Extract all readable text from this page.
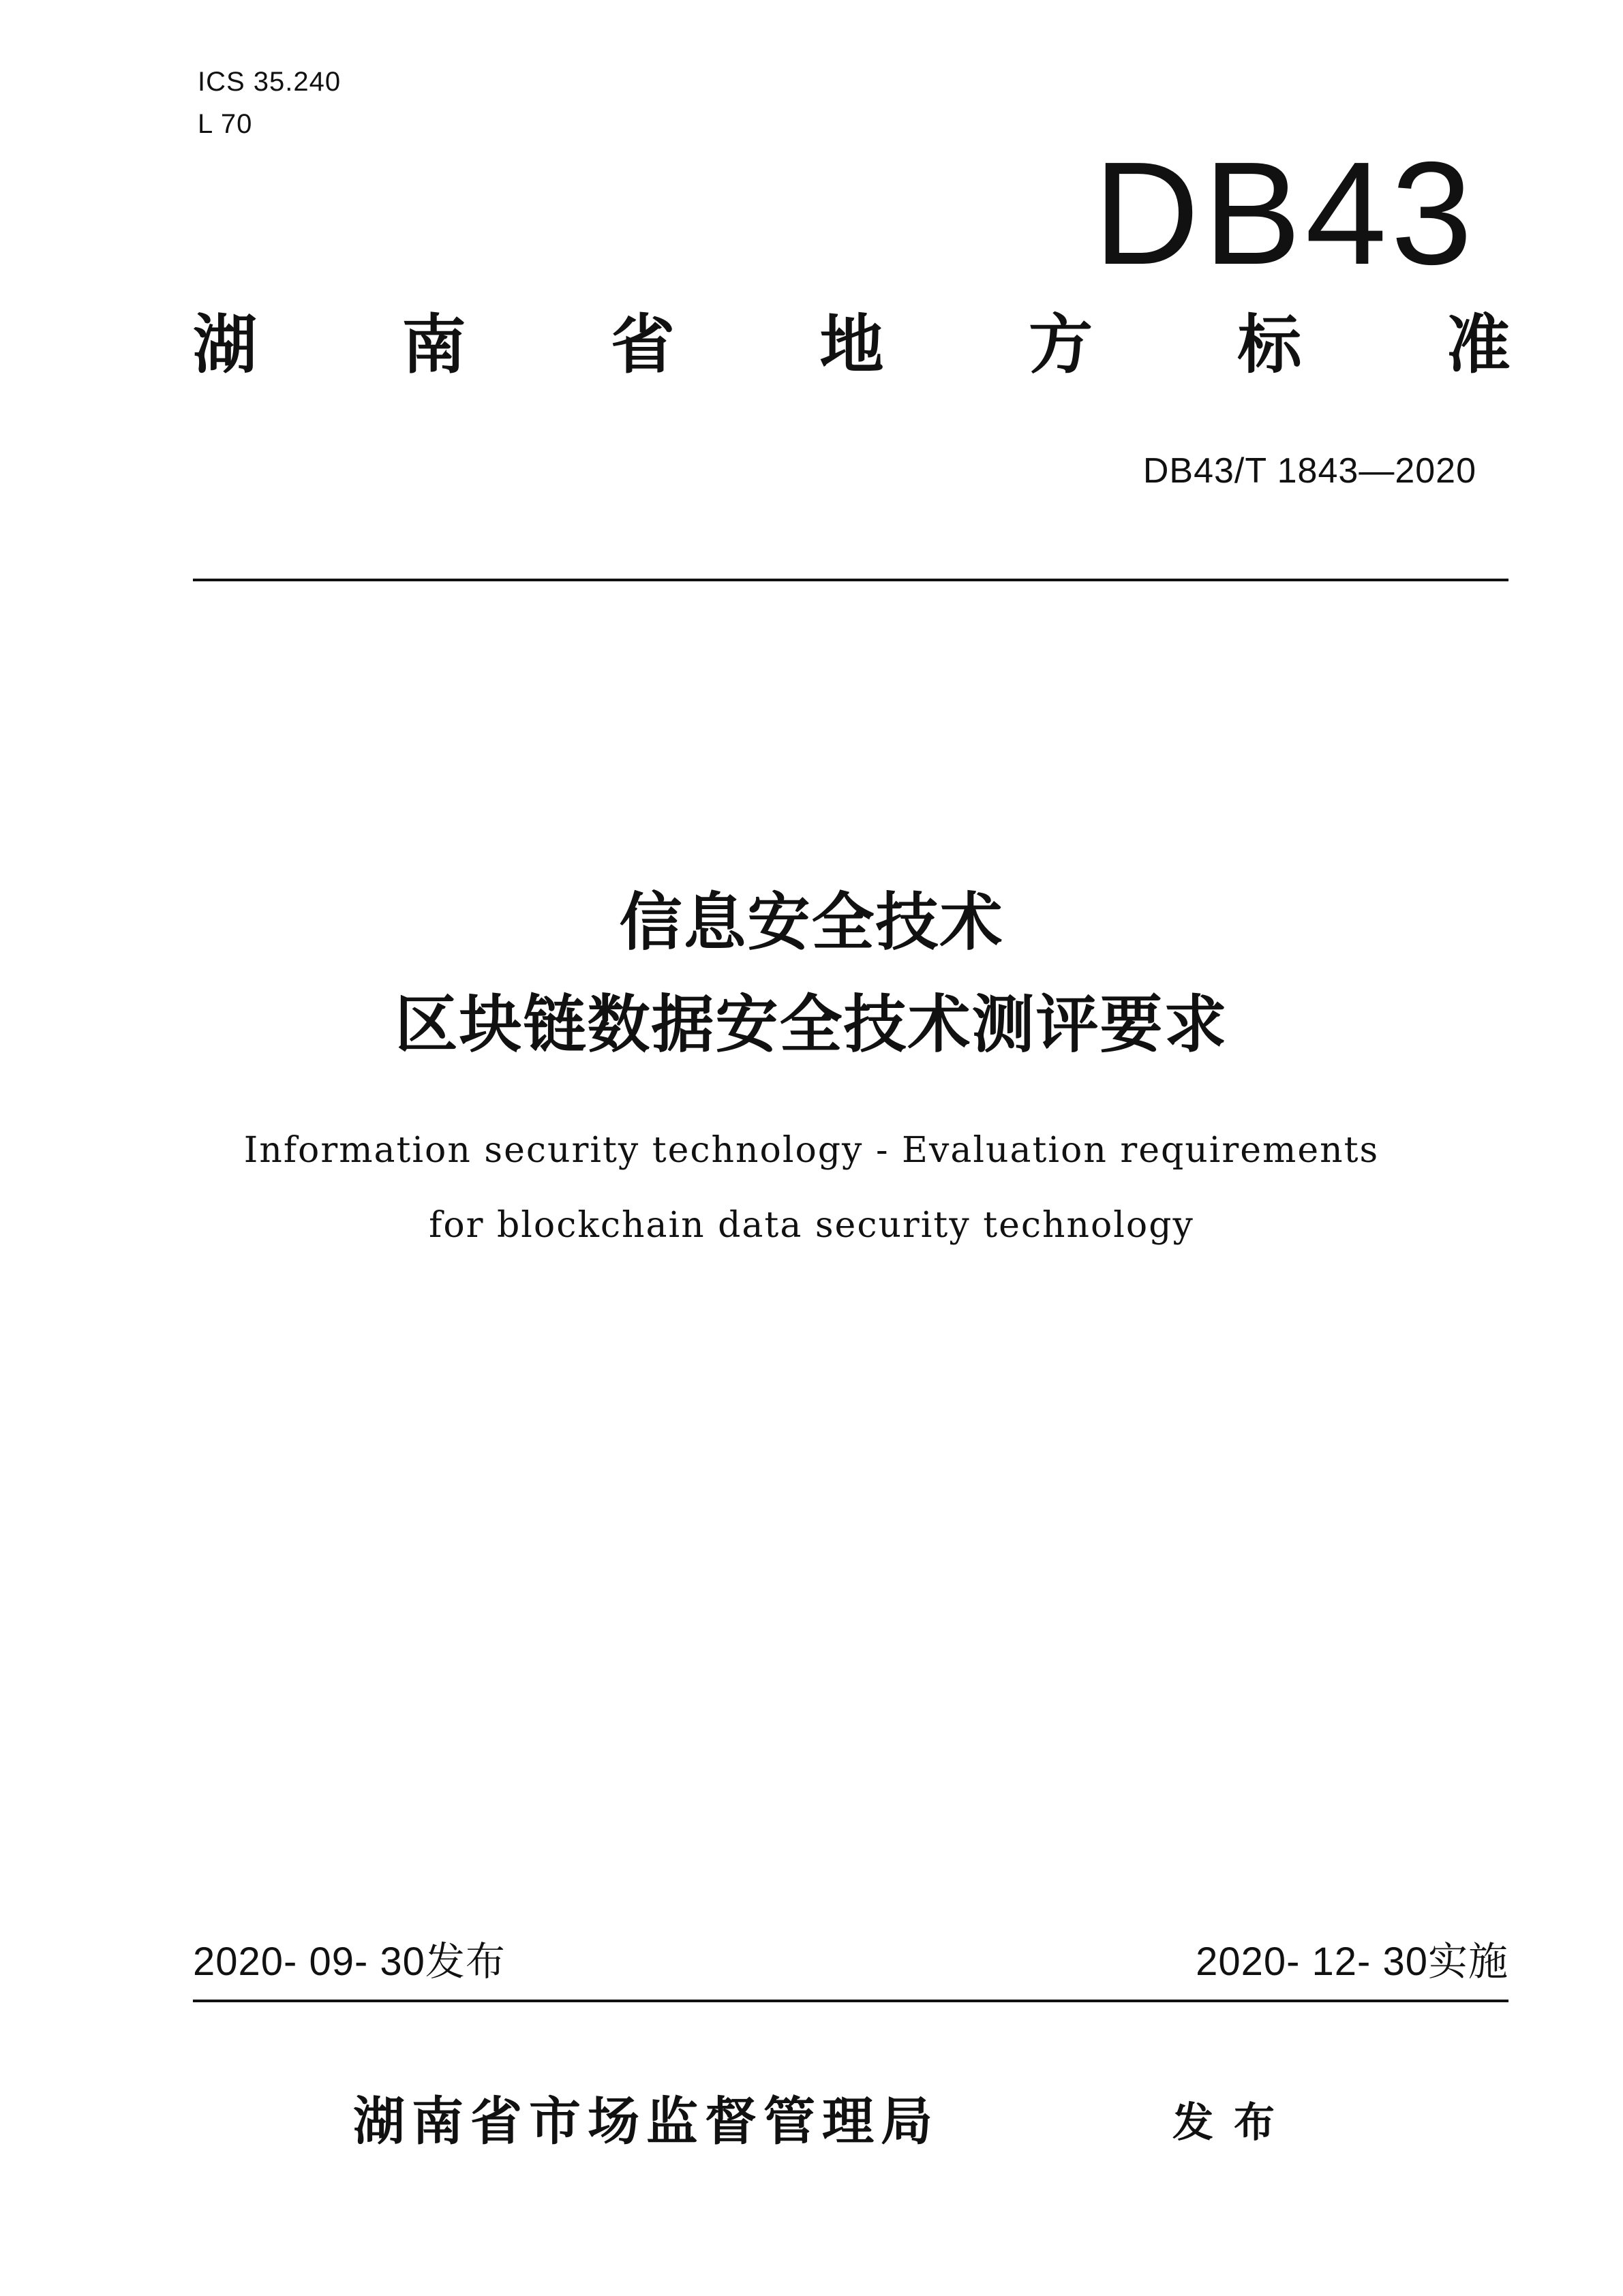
ICS 35.240
L 70
DB43
湖 南 省 地 方 标 准
DB43/T 1843—2020
信息安全技术
区块链数据安全技术测评要求
Information security technology - Evaluation requirements
for blockchain data security technology
2020- 09- 30发布	2020- 12- 30实施
湖南省市场监督管理局	发布
